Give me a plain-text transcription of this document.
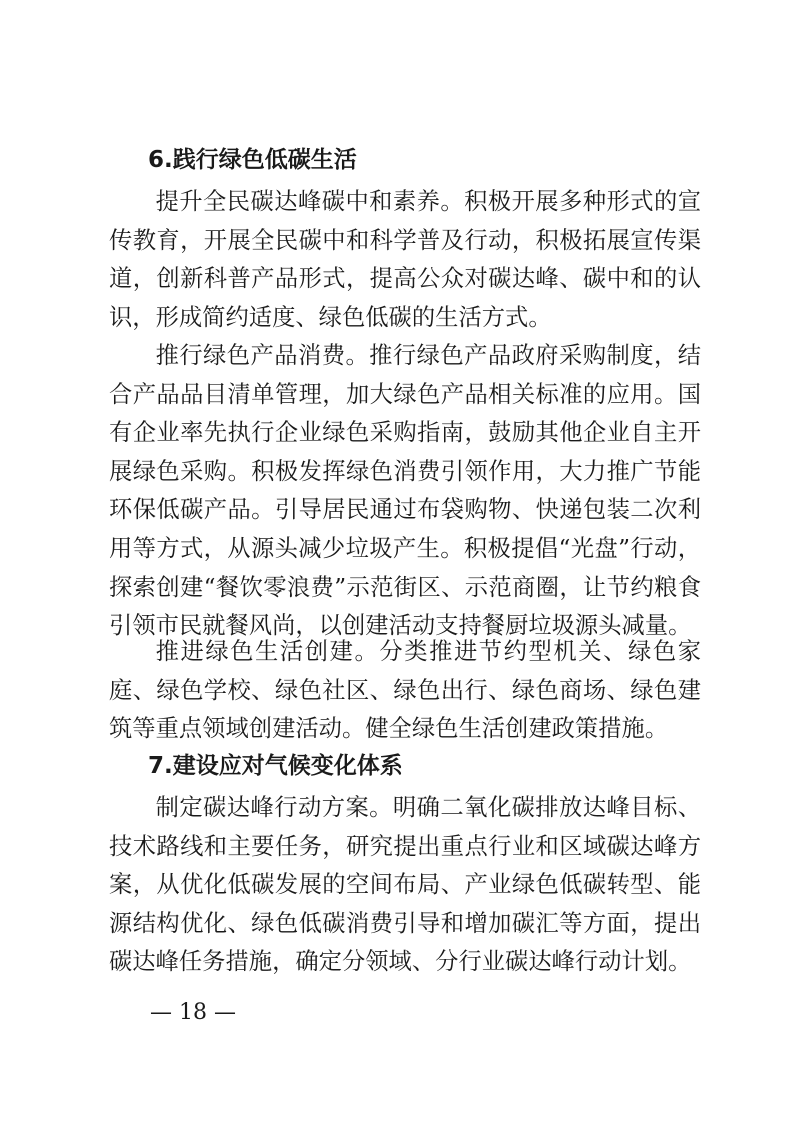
6.践行绿色低碳生活

提升全民碳达峰碳中和素养。积极开展多种形式的宣传教育，开展全民碳中和科学普及行动，积极拓展宣传渠道，创新科普产品形式，提高公众对碳达峰、碳中和的认识，形成简约适度、绿色低碳的生活方式。

推行绿色产品消费。推行绿色产品政府采购制度，结合产品品目清单管理，加大绿色产品相关标准的应用。国有企业率先执行企业绿色采购指南，鼓励其他企业自主开展绿色采购。积极发挥绿色消费引领作用，大力推广节能环保低碳产品。引导居民通过布袋购物、快递包装二次利用等方式，从源头减少垃圾产生。积极提倡“光盘”行动，探索创建“餐饮零浪费”示范街区、示范商圈，让节约粮食引领市民就餐风尚，以创建活动支持餐厨垃圾源头减量。

推进绿色生活创建。分类推进节约型机关、绿色家庭、绿色学校、绿色社区、绿色出行、绿色商场、绿色建筑等重点领域创建活动。健全绿色生活创建政策措施。

7.建设应对气候变化体系

制定碳达峰行动方案。明确二氧化碳排放达峰目标、技术路线和主要任务，研究提出重点行业和区域碳达峰方案，从优化低碳发展的空间布局、产业绿色低碳转型、能源结构优化、绿色低碳消费引导和增加碳汇等方面，提出碳达峰任务措施，确定分领域、分行业碳达峰行动计划。

— 18 —
